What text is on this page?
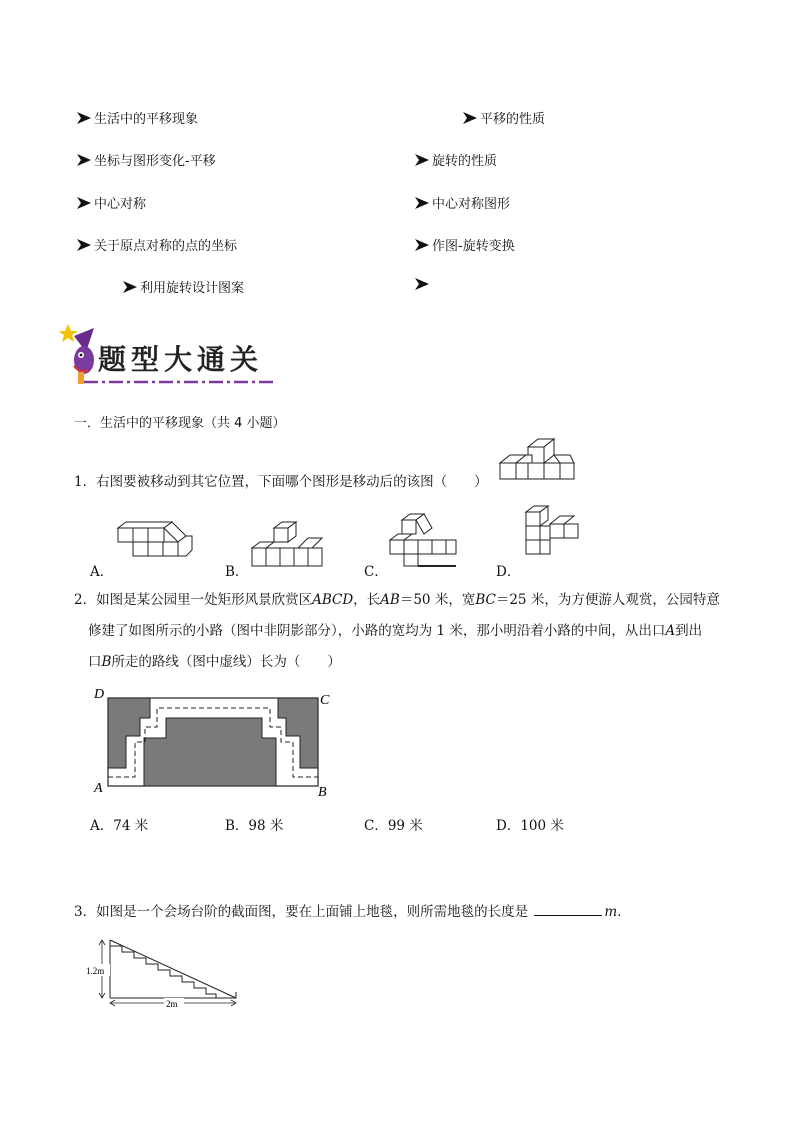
生活中的平移现象	平移的性质
坐标与图形变化-平移	旋转的性质
中心对称	中心对称图形
关于原点对称的点的坐标	作图-旋转变换
利用旋转设计图案
题型大通关
一．生活中的平移现象（共 4 小题）
1．右图要被移动到其它位置，下面哪个图形是移动后的该图（　　）
A．	B．	C．	D．
2．如图是某公园里一处矩形风景欣赏区ABCD，长AB＝50 米，宽BC＝25 米，为方便游人观赏，公园特意
修建了如图所示的小路（图中非阴影部分），小路的宽均为 1 米，那小明沿着小路的中间，从出口A到出
口B所走的路线（图中虚线）长为（　　）
D	C
A	B
A．74 米	B．98 米	C．99 米	D．100 米
3．如图是一个会场台阶的截面图，要在上面铺上地毯，则所需地毯的长度是	m．
1.2m
2m
